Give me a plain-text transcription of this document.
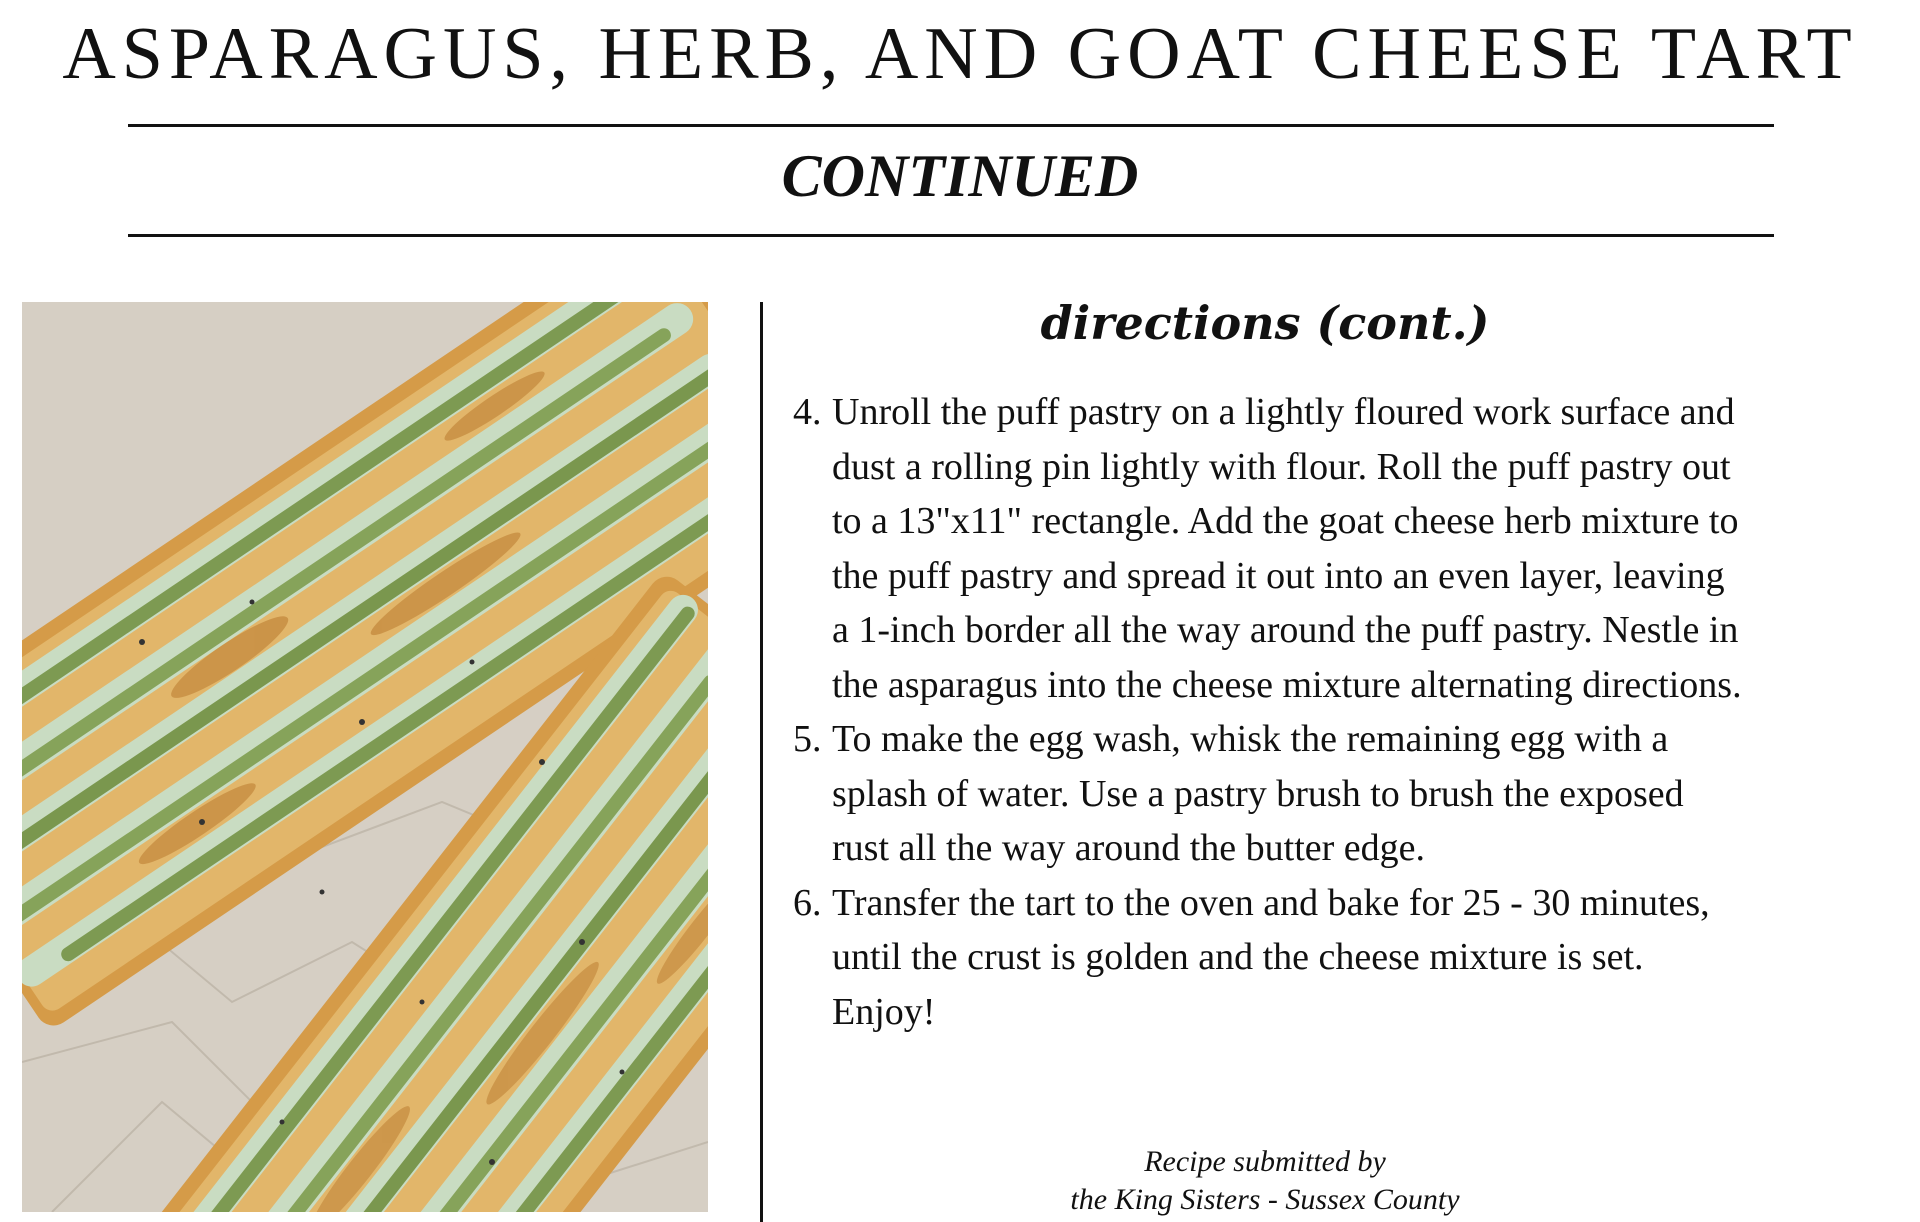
ASPARAGUS, HERB, AND GOAT CHEESE TART
CONTINUED
directions (cont.)
4. Unroll the puff pastry on a lightly floured work surface and dust a rolling pin lightly with flour. Roll the puff pastry out to a 13"x11" rectangle. Add the goat cheese herb mixture to the puff pastry and spread it out into an even layer, leaving a 1-inch border all the way around the puff pastry. Nestle in the asparagus into the cheese mixture alternating directions.
5. To make the egg wash, whisk the remaining egg with a splash of water. Use a pastry brush to brush the exposed rust all the way around the butter edge.
6. Transfer the tart to the oven and bake for 25 - 30 minutes, until the crust is golden and the cheese mixture is set. Enjoy!
Recipe submitted by
the King Sisters - Sussex County
